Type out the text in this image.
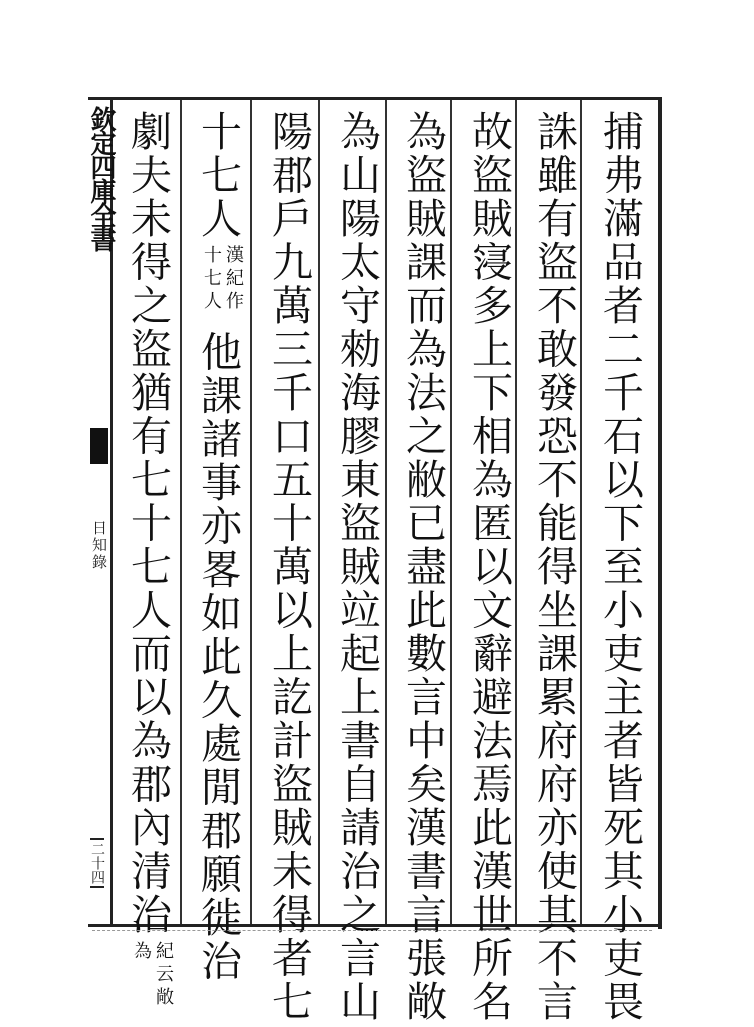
欽定四庫全書
日知錄
二十四	捕弗滿品者二千石以下至小吏主者皆死其小吏畏
誅雖有盜不敢發恐不能得坐課累府府亦使其不言
故盜賊寖多上下相為匿以文辭避法焉此漢世所名
為盜賊課而為法之敝已盡此數言中矣漢書言張敞
為山陽太守勑海膠東盜賊竝起上書自請治之言山
陽郡戶九萬三千口五十萬以上訖計盜賊未得者七
十七人漢紀作十七人他課諸事亦畧如此久處閒郡願徙治
劇夫未得之盜猶有七十七人而以為郡內清治紀云敞為
